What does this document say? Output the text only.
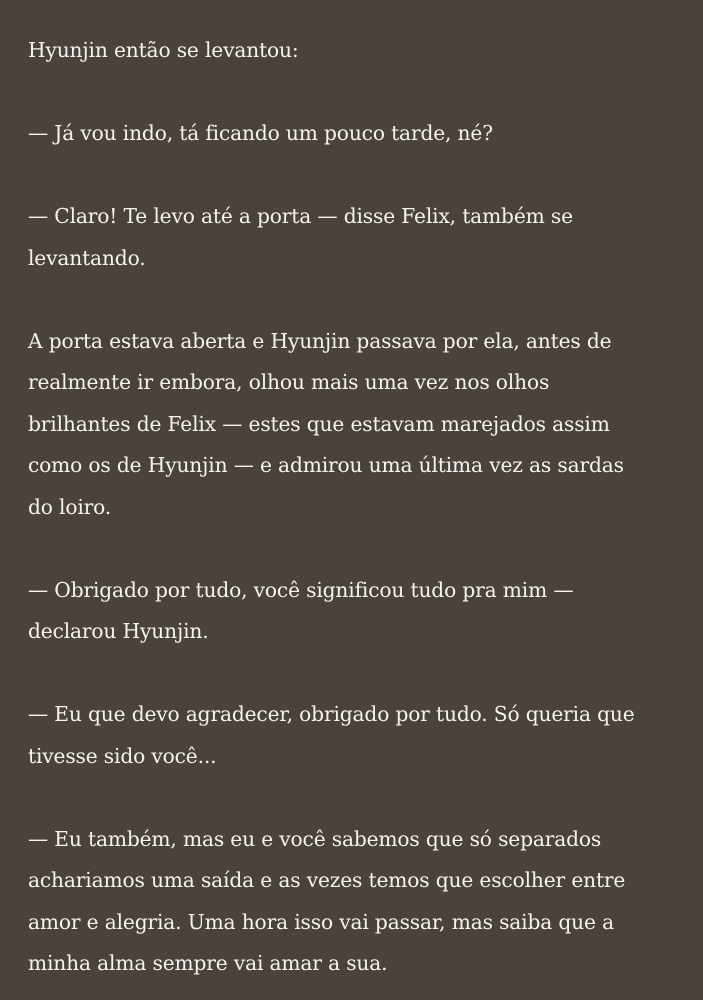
Hyunjin então se levantou:

— Já vou indo, tá ficando um pouco tarde, né?

— Claro! Te levo até a porta — disse Felix, também se
levantando.

A porta estava aberta e Hyunjin passava por ela, antes de
realmente ir embora, olhou mais uma vez nos olhos
brilhantes de Felix — estes que estavam marejados assim
como os de Hyunjin — e admirou uma última vez as sardas
do loiro.

— Obrigado por tudo, você significou tudo pra mim —
declarou Hyunjin.

— Eu que devo agradecer, obrigado por tudo. Só queria que
tivesse sido você...

— Eu também, mas eu e você sabemos que só separados
achariamos uma saída e as vezes temos que escolher entre
amor e alegria. Uma hora isso vai passar, mas saiba que a
minha alma sempre vai amar a sua.
